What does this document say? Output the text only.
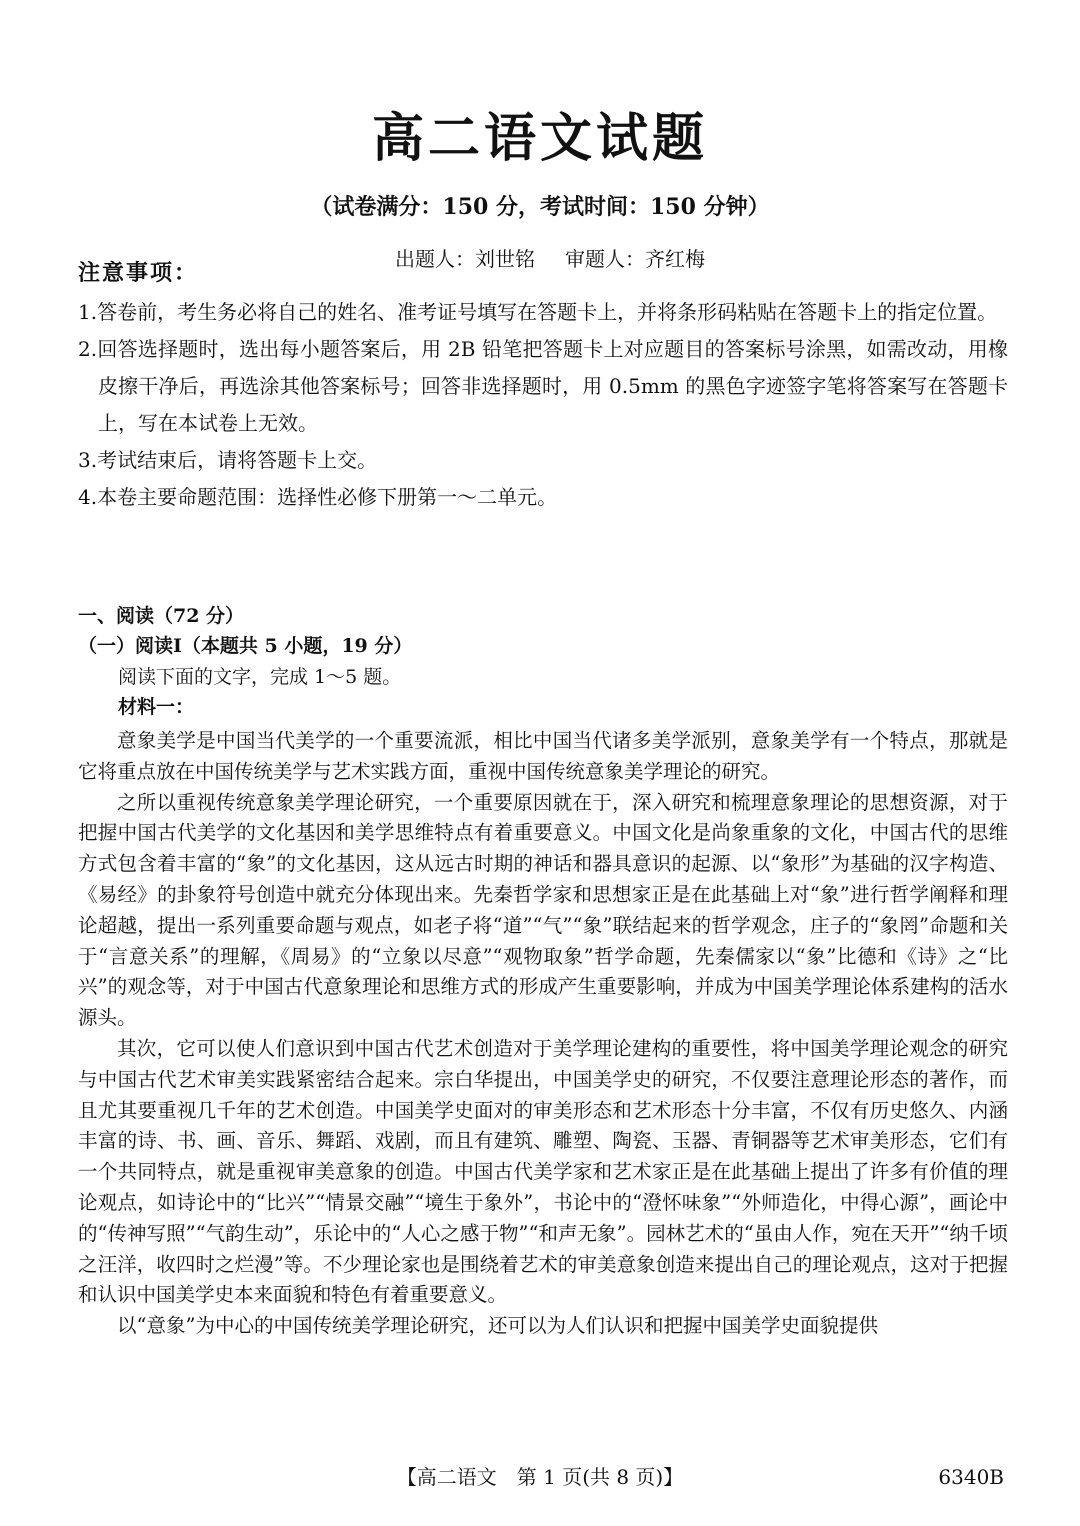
高二语文试题
（试卷满分：150 分，考试时间：150 分钟）
出题人：刘世铭 审题人：齐红梅
注意事项：

1.答卷前，考生务必将自己的姓名、准考证号填写在答题卡上，并将条形码粘贴在答题卡上的指定位置。

2.回答选择题时，选出每小题答案后，用 2B 铅笔把答题卡上对应题目的答案标号涂黑，如需改动，用橡皮擦干净后，再选涂其他答案标号；回答非选择题时，用 0.5mm 的黑色字迹签字笔将答案写在答题卡上，写在本试卷上无效。

3.考试结束后，请将答题卡上交。

4.本卷主要命题范围：选择性必修下册第一～二单元。

一、阅读（72 分）
（一）阅读Ⅰ（本题共 5 小题，19 分）
阅读下面的文字，完成 1～5 题。
材料一：

意象美学是中国当代美学的一个重要流派，相比中国当代诸多美学派别，意象美学有一个特点，那就是它将重点放在中国传统美学与艺术实践方面，重视中国传统意象美学理论的研究。

之所以重视传统意象美学理论研究，一个重要原因就在于，深入研究和梳理意象理论的思想资源，对于把握中国古代美学的文化基因和美学思维特点有着重要意义。中国文化是尚象重象的文化，中国古代的思维方式包含着丰富的“象”的文化基因，这从远古时期的神话和器具意识的起源、以“象形”为基础的汉字构造、《易经》的卦象符号创造中就充分体现出来。先秦哲学家和思想家正是在此基础上对“象”进行哲学阐释和理论超越，提出一系列重要命题与观点，如老子将“道”“气”“象”联结起来的哲学观念，庄子的“象罔”命题和关于“言意关系”的理解，《周易》的“立象以尽意”“观物取象”哲学命题，先秦儒家以“象”比德和《诗》之“比兴”的观念等，对于中国古代意象理论和思维方式的形成产生重要影响，并成为中国美学理论体系建构的活水源头。

其次，它可以使人们意识到中国古代艺术创造对于美学理论建构的重要性，将中国美学理论观念的研究与中国古代艺术审美实践紧密结合起来。宗白华提出，中国美学史的研究，不仅要注意理论形态的著作，而且尤其要重视几千年的艺术创造。中国美学史面对的审美形态和艺术形态十分丰富，不仅有历史悠久、内涵丰富的诗、书、画、音乐、舞蹈、戏剧，而且有建筑、雕塑、陶瓷、玉器、青铜器等艺术审美形态，它们有一个共同特点，就是重视审美意象的创造。中国古代美学家和艺术家正是在此基础上提出了许多有价值的理论观点，如诗论中的“比兴”“情景交融”“境生于象外”，书论中的“澄怀味象”“外师造化，中得心源”，画论中的“传神写照”“气韵生动”，乐论中的“人心之感于物”“和声无象”。园林艺术的“虽由人作，宛在天开”“纳千顷之汪洋，收四时之烂漫”等。不少理论家也是围绕着艺术的审美意象创造来提出自己的理论观点，这对于把握和认识中国美学史本来面貌和特色有着重要意义。

以“意象”为中心的中国传统美学理论研究，还可以为人们认识和把握中国美学史面貌提供

【高二语文　第 1 页(共 8 页)】	6340B
